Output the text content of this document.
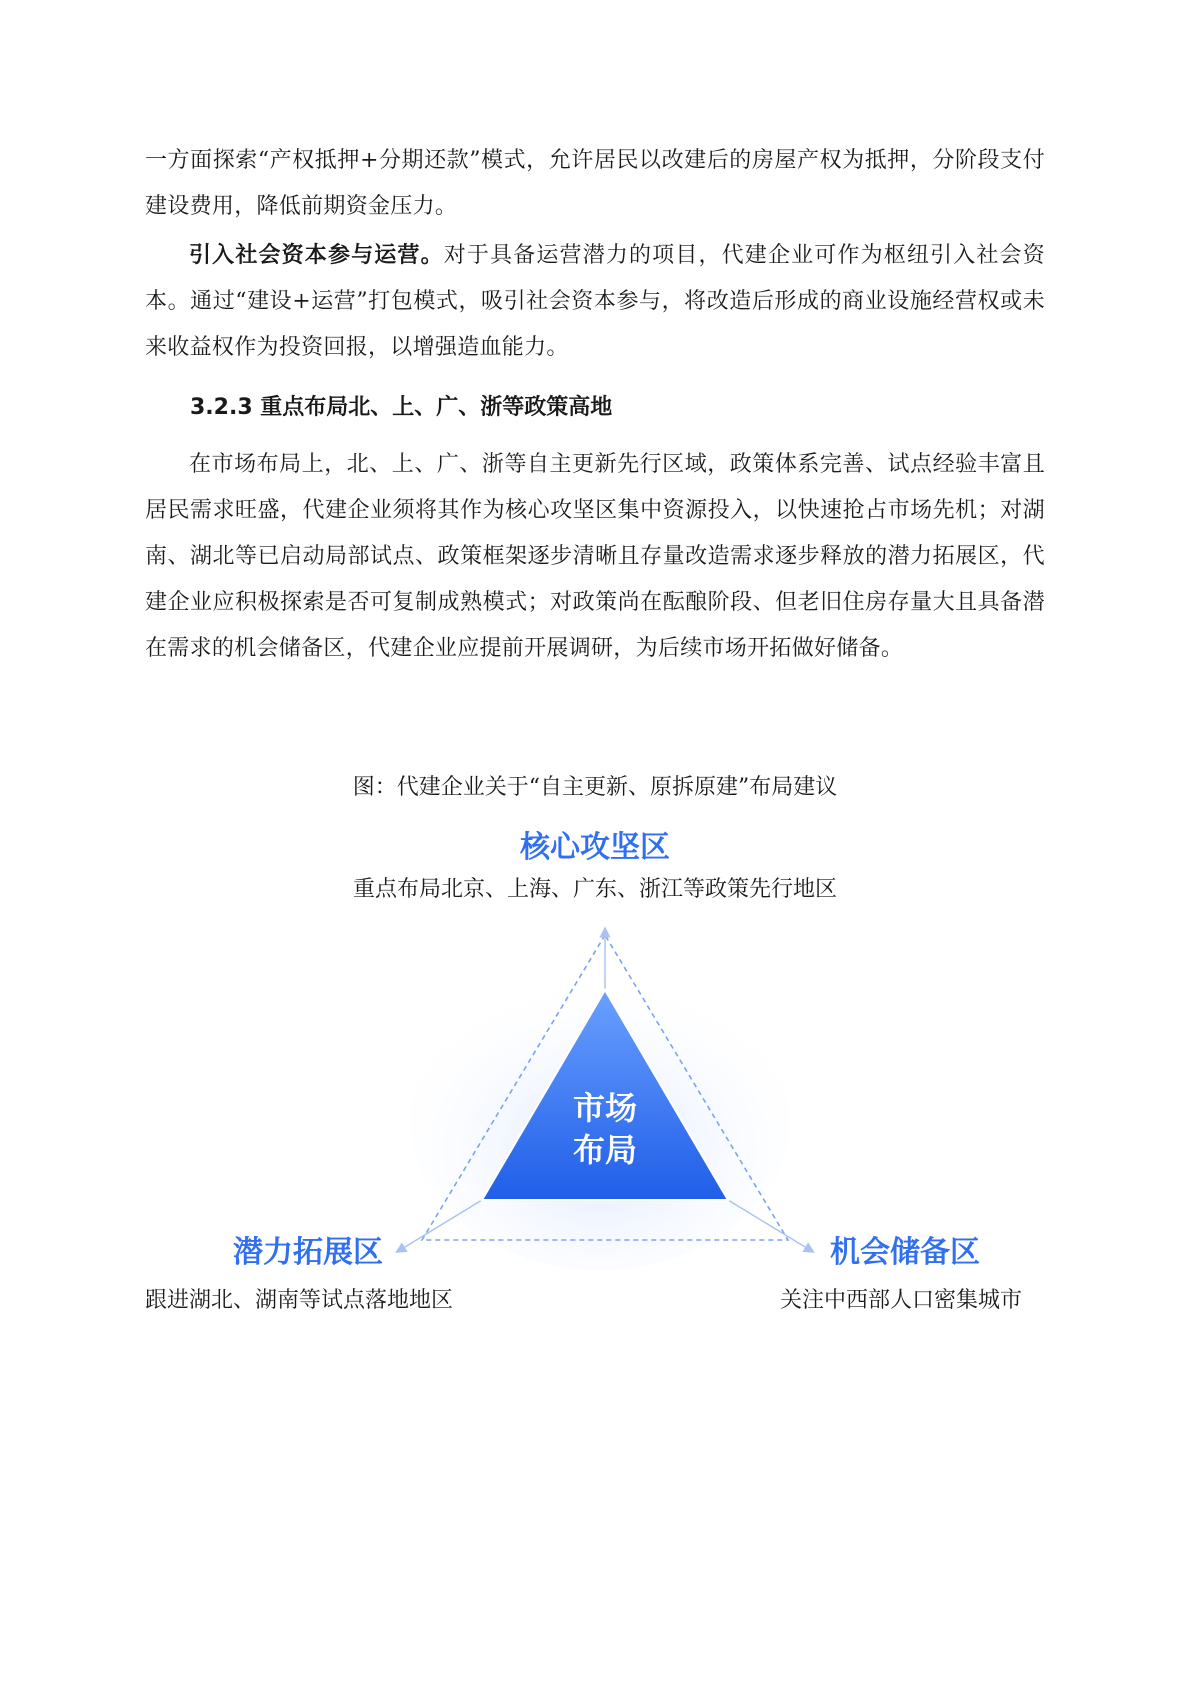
一方面探索“产权抵押+分期还款”模式，允许居民以改建后的房屋产权为抵押，分阶段支付建设费用，降低前期资金压力。
引入社会资本参与运营。对于具备运营潜力的项目，代建企业可作为枢纽引入社会资本。通过“建设+运营”打包模式，吸引社会资本参与，将改造后形成的商业设施经营权或未来收益权作为投资回报，以增强造血能力。
3.2.3 重点布局北、上、广、浙等政策高地
在市场布局上，北、上、广、浙等自主更新先行区域，政策体系完善、试点经验丰富且居民需求旺盛，代建企业须将其作为核心攻坚区集中资源投入，以快速抢占市场先机；对湖南、湖北等已启动局部试点、政策框架逐步清晰且存量改造需求逐步释放的潜力拓展区，代建企业应积极探索是否可复制成熟模式；对政策尚在酝酿阶段、但老旧住房存量大且具备潜在需求的机会储备区，代建企业应提前开展调研，为后续市场开拓做好储备。
图：代建企业关于“自主更新、原拆原建”布局建议
市场
布局
核心攻坚区
重点布局北京、上海、广东、浙江等政策先行地区
潜力拓展区
跟进湖北、湖南等试点落地地区
机会储备区
关注中西部人口密集城市
